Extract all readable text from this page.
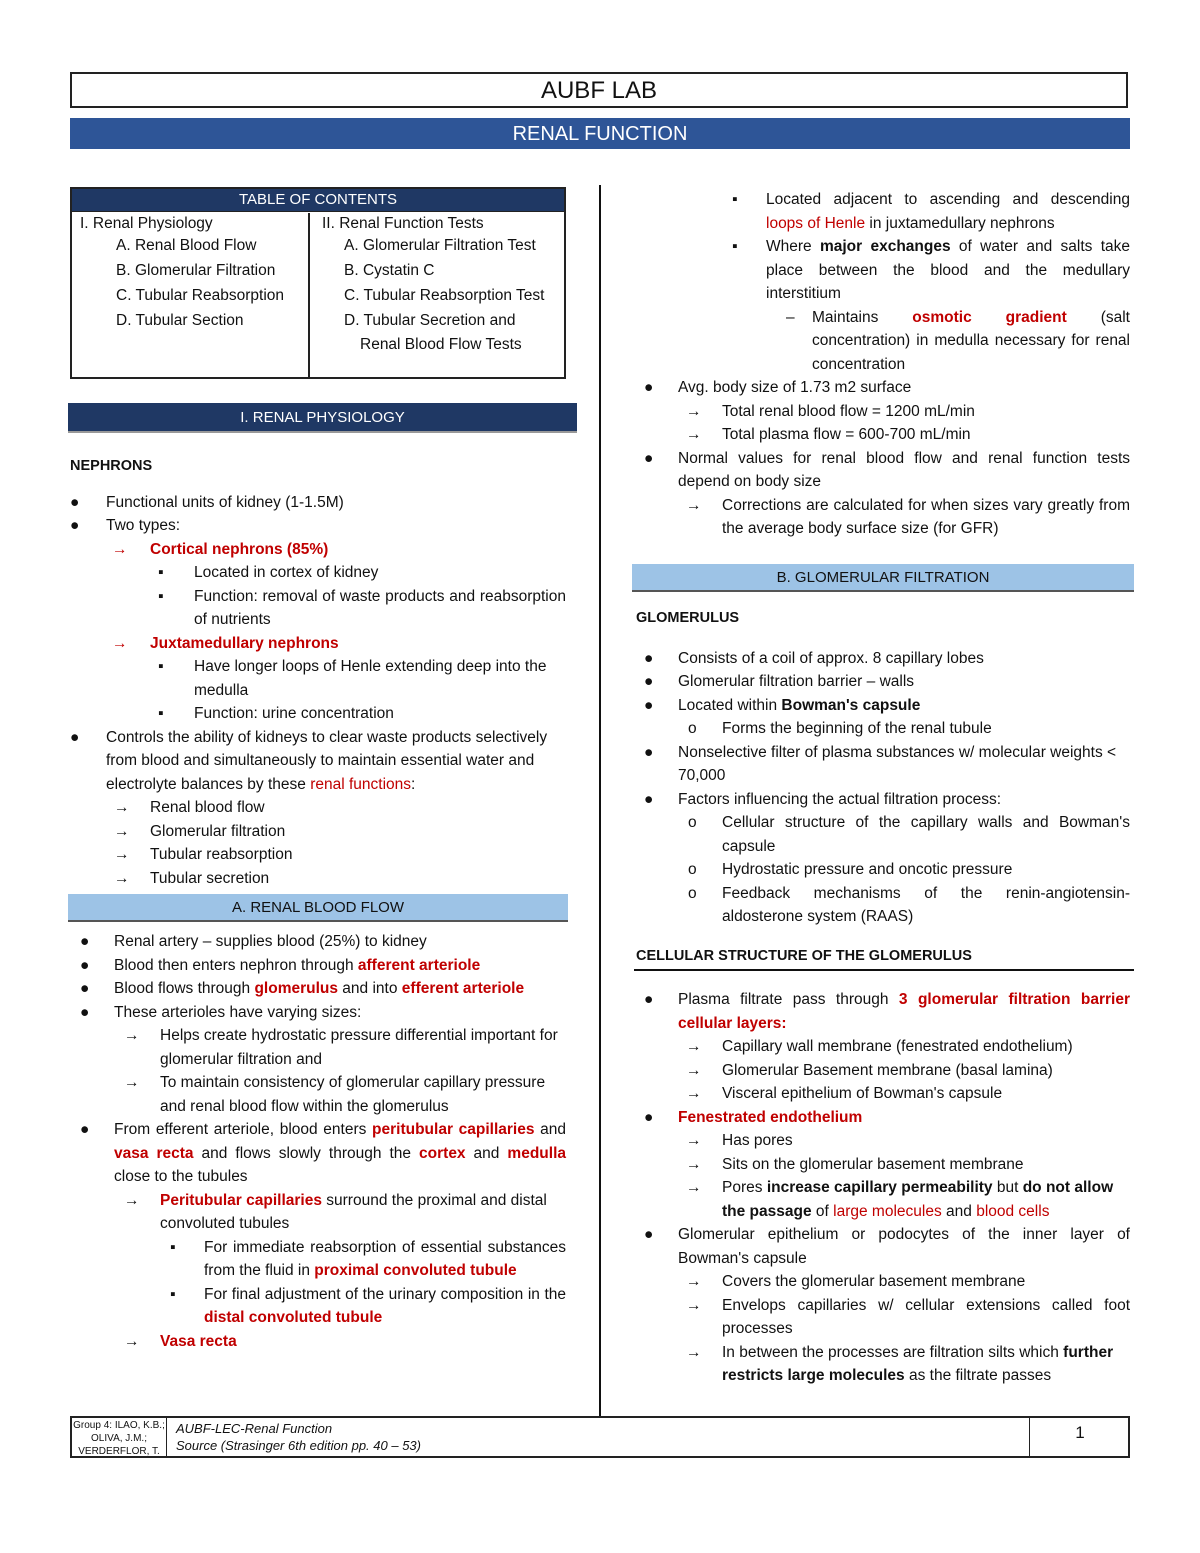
AUBF LAB
RENAL FUNCTION
TABLE OF CONTENTS
I. Renal Physiology
A. Renal Blood Flow
B. Glomerular Filtration
C. Tubular Reabsorption
D. Tubular Section
II. Renal Function Tests
A. Glomerular Filtration Test
B. Cystatin C
C. Tubular Reabsorption Test
D. Tubular Secretion and
Renal Blood Flow Tests
I. RENAL PHYSIOLOGY
NEPHRONS
● Functional units of kidney (1-1.5M)
● Two types:
→ Cortical nephrons (85%)
▪ Located in cortex of kidney
▪ Function: removal of waste products and reabsorption of nutrients
→ Juxtamedullary nephrons
▪ Have longer loops of Henle extending deep into the medulla
▪ Function: urine concentration
● Controls the ability of kidneys to clear waste products selectively from blood and simultaneously to maintain essential water and electrolyte balances by these renal functions:
→ Renal blood flow
→ Glomerular filtration
→ Tubular reabsorption
→ Tubular secretion
A. RENAL BLOOD FLOW
● Renal artery – supplies blood (25%) to kidney
● Blood then enters nephron through afferent arteriole
● Blood flows through glomerulus and into efferent arteriole
● These arterioles have varying sizes:
→ Helps create hydrostatic pressure differential important for glomerular filtration and
→ To maintain consistency of glomerular capillary pressure and renal blood flow within the glomerulus
● From efferent arteriole, blood enters peritubular capillaries and vasa recta and flows slowly through the cortex and medulla close to the tubules
→ Peritubular capillaries surround the proximal and distal convoluted tubules
▪ For immediate reabsorption of essential substances from the fluid in proximal convoluted tubule
▪ For final adjustment of the urinary composition in the distal convoluted tubule
→ Vasa recta
▪ Located adjacent to ascending and descending loops of Henle in juxtamedullary nephrons
▪ Where major exchanges of water and salts take place between the blood and the medullary interstitium
– Maintains osmotic gradient (salt concentration) in medulla necessary for renal concentration
● Avg. body size of 1.73 m2 surface
→ Total renal blood flow = 1200 mL/min
→ Total plasma flow = 600-700 mL/min
● Normal values for renal blood flow and renal function tests depend on body size
→ Corrections are calculated for when sizes vary greatly from the average body surface size (for GFR)
B. GLOMERULAR FILTRATION
GLOMERULUS
● Consists of a coil of approx. 8 capillary lobes
● Glomerular filtration barrier – walls
● Located within Bowman's capsule
o Forms the beginning of the renal tubule
● Nonselective filter of plasma substances w/ molecular weights < 70,000
● Factors influencing the actual filtration process:
o Cellular structure of the capillary walls and Bowman's capsule
o Hydrostatic pressure and oncotic pressure
o Feedback mechanisms of the renin-angiotensin-aldosterone system (RAAS)
CELLULAR STRUCTURE OF THE GLOMERULUS
● Plasma filtrate pass through 3 glomerular filtration barrier cellular layers:
→ Capillary wall membrane (fenestrated endothelium)
→ Glomerular Basement membrane (basal lamina)
→ Visceral epithelium of Bowman's capsule
● Fenestrated endothelium
→ Has pores
→ Sits on the glomerular basement membrane
→ Pores increase capillary permeability but do not allow the passage of large molecules and blood cells
● Glomerular epithelium or podocytes of the inner layer of Bowman's capsule
→ Covers the glomerular basement membrane
→ Envelops capillaries w/ cellular extensions called foot processes
→ In between the processes are filtration silts which further restricts large molecules as the filtrate passes
Group 4: ILAO, K.B.; OLIVA, J.M.; VERDERFLOR, T.
AUBF-LEC-Renal Function
Source (Strasinger 6th edition pp. 40 – 53)
1
